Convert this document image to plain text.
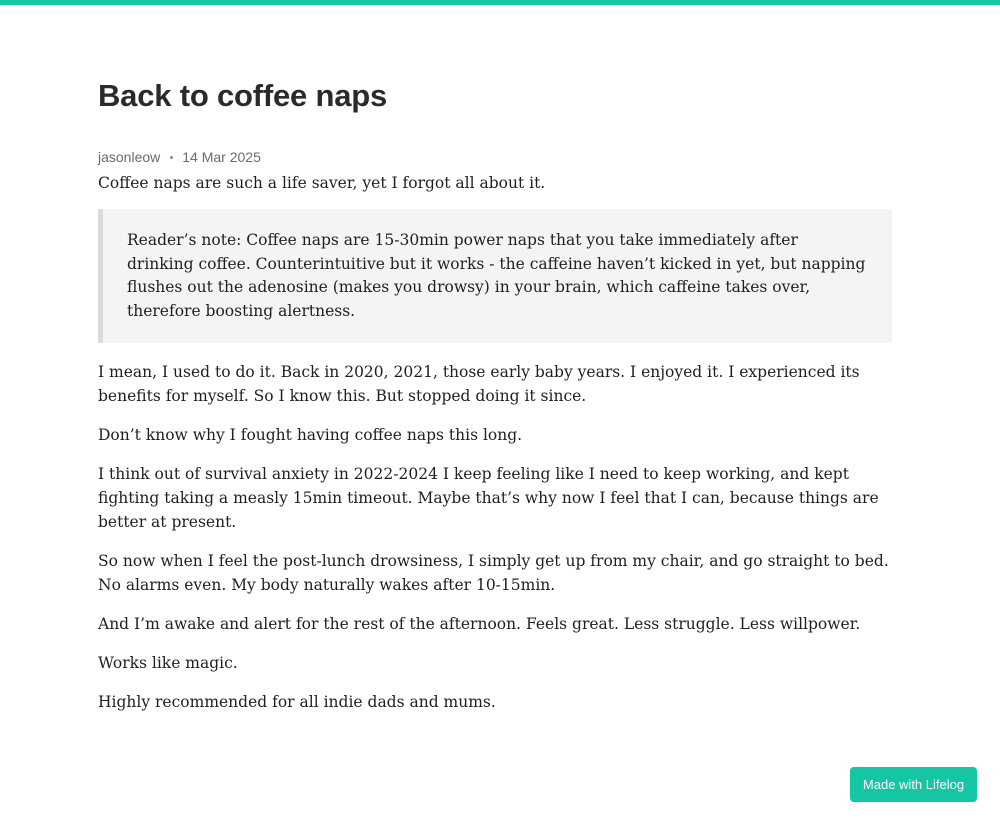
Back to coffee naps
jasonleow 14 Mar 2025

Coffee naps are such a life saver, yet I forgot all about it.

Reader’s note: Coffee naps are 15-30min power naps that you take immediately after drinking coffee. Counterintuitive but it works - the caffeine haven’t kicked in yet, but napping flushes out the adenosine (makes you drowsy) in your brain, which caffeine takes over, therefore boosting alertness.

I mean, I used to do it. Back in 2020, 2021, those early baby years. I enjoyed it. I experienced its benefits for myself. So I know this. But stopped doing it since.

Don’t know why I fought having coffee naps this long.

I think out of survival anxiety in 2022-2024 I keep feeling like I need to keep working, and kept fighting taking a measly 15min timeout. Maybe that’s why now I feel that I can, because things are better at present.

So now when I feel the post-lunch drowsiness, I simply get up from my chair, and go straight to bed. No alarms even. My body naturally wakes after 10-15min.

And I’m awake and alert for the rest of the afternoon. Feels great. Less struggle. Less willpower.

Works like magic.

Highly recommended for all indie dads and mums.

Made with Lifelog
